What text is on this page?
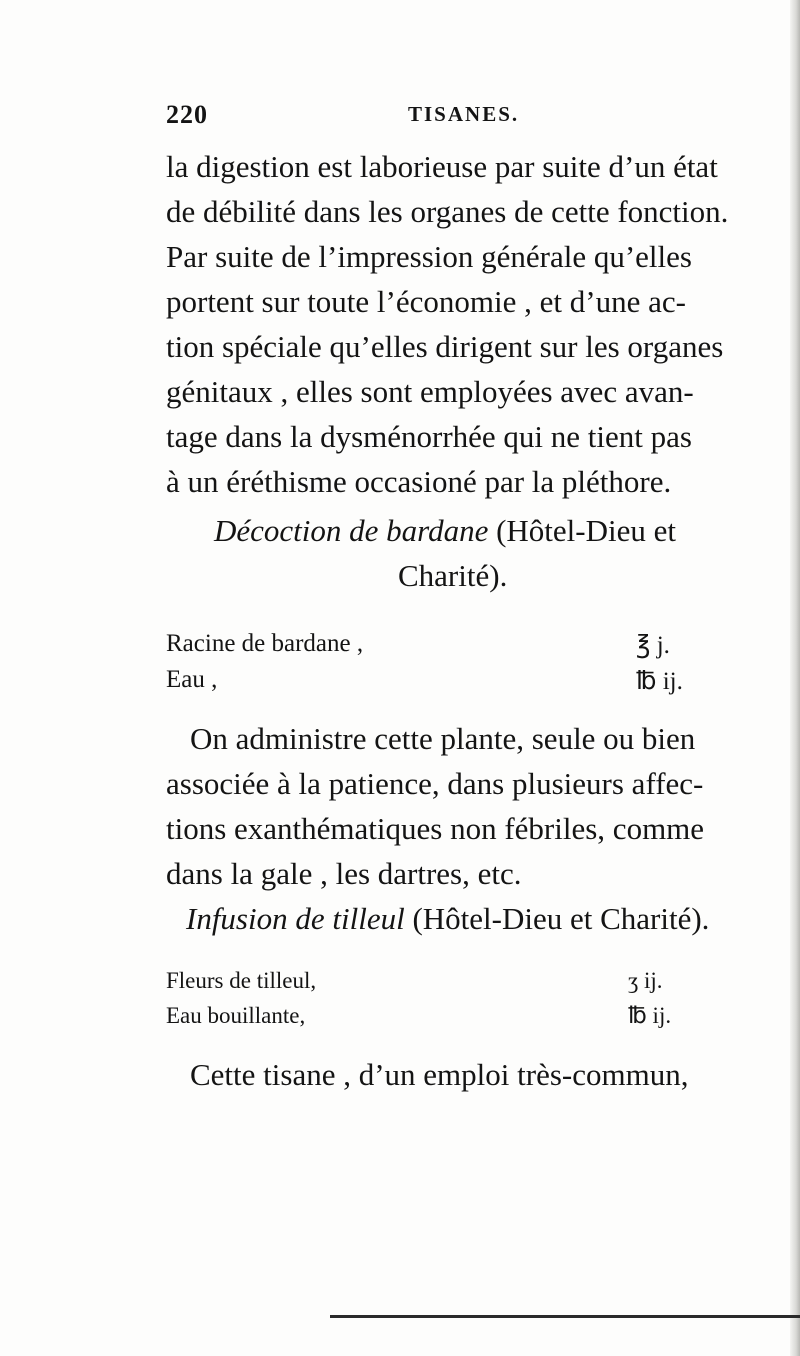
220	TISANES.

la digestion est laborieuse par suite d’un état

de débilité dans les organes de cette fonction.

Par suite de l’impression générale qu’elles

portent sur toute l’économie , et d’une ac-

tion spéciale qu’elles dirigent sur les organes

génitaux , elles sont employées avec avan-

tage dans la dysménorrhée qui ne tient pas

à un éréthisme occasioné par la pléthore.

Décoction de bardane (Hôtel-Dieu et
Charité).
Racine de bardane ,	℥ j.
Eau ,	℔ ij.

On administre cette plante, seule ou bien

associée à la patience, dans plusieurs affec-

tions exanthématiques non fébriles, comme

dans la gale , les dartres, etc.

Infusion de tilleul (Hôtel-Dieu et Charité).
Fleurs de tilleul,	ʒ ij.
Eau bouillante,	℔ ij.

Cette tisane , d’un emploi très-commun,
